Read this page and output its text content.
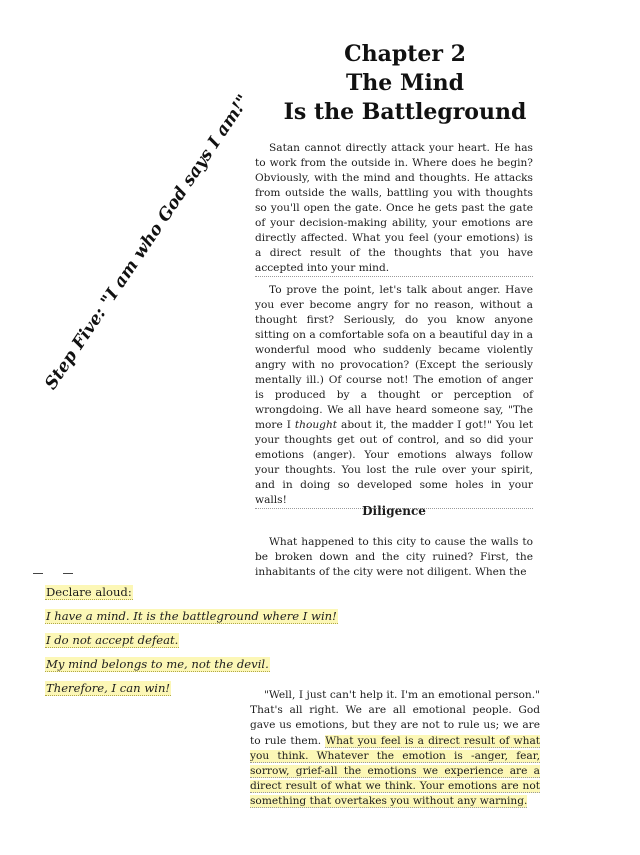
Chapter 2
The Mind
Is the Battleground
Step Five: "I am who God says I am!"	Satan cannot directly attack your heart. He has to work from the outside in. Where does he begin? Obviously, with the mind and thoughts. He attacks from outside the walls, battling you with thoughts so you'll open the gate. Once he gets past the gate of your decision-making ability, your emotions are directly affected. What you feel (your emotions) is a direct result of the thoughts that you have accepted into your mind.

To prove the point, let's talk about anger. Have you ever become angry for no reason, without a thought first? Seriously, do you know anyone sitting on a comfortable sofa on a beautiful day in a wonderful mood who suddenly became violently angry with no provocation? (Except the seriously mentally ill.) Of course not! The emotion of anger is produced by a thought or perception of wrongdoing. We all have heard someone say, "The more I thought about it, the madder I got!" You let your thoughts get out of control, and so did your emotions (anger). Your emotions always follow your thoughts. You lost the rule over your spirit, and in doing so developed some holes in your walls!

Diligence

What happened to this city to cause the walls to be broken down and the city ruined? First, the inhabitants of the city were not diligent. When the

Declare aloud:
I have a mind. It is the battleground where I win!
I do not accept defeat.
My mind belongs to me, not the devil.
Therefore, I can win!	"Well, I just can't help it. I'm an emotional person." That's all right. We are all emotional people. God gave us emotions, but they are not to rule us; we are to rule them. What you feel is a direct result of what you think. Whatever the emotion is -anger, fear, sorrow, grief-all the emotions we experience are a direct result of what we think. Your emotions are not something that overtakes you without any warning.
